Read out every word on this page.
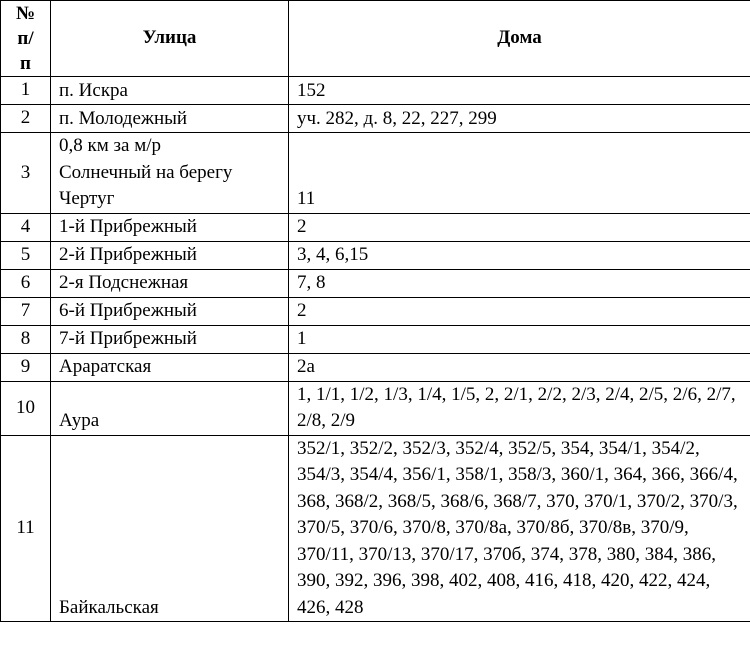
№
п/
п	Улица	Дома
1	п. Искра	152
2	п. Молодежный	уч. 282, д. 8, 22, 227, 299
3	0,8 км за м/р
Солнечный на берегу
Чертуг	11
4	1-й Прибрежный	2
5	2-й Прибрежный	3, 4, 6,15
6	2-я Подснежная	7, 8
7	6-й Прибрежный	2
8	7-й Прибрежный	1
9	Араратская	2а
10	Аура	1, 1/1, 1/2, 1/3, 1/4, 1/5, 2, 2/1, 2/2, 2/3, 2/4, 2/5, 2/6, 2/7, 2/8, 2/9
11	Байкальская	352/1, 352/2, 352/3, 352/4, 352/5, 354, 354/1, 354/2, 354/3, 354/4, 356/1, 358/1, 358/3, 360/1, 364, 366, 366/4, 368, 368/2, 368/5, 368/6, 368/7, 370, 370/1, 370/2, 370/3, 370/5, 370/6, 370/8, 370/8а, 370/8б, 370/8в, 370/9, 370/11, 370/13, 370/17, 370б, 374, 378, 380, 384, 386, 390, 392, 396, 398, 402, 408, 416, 418, 420, 422, 424, 426, 428
